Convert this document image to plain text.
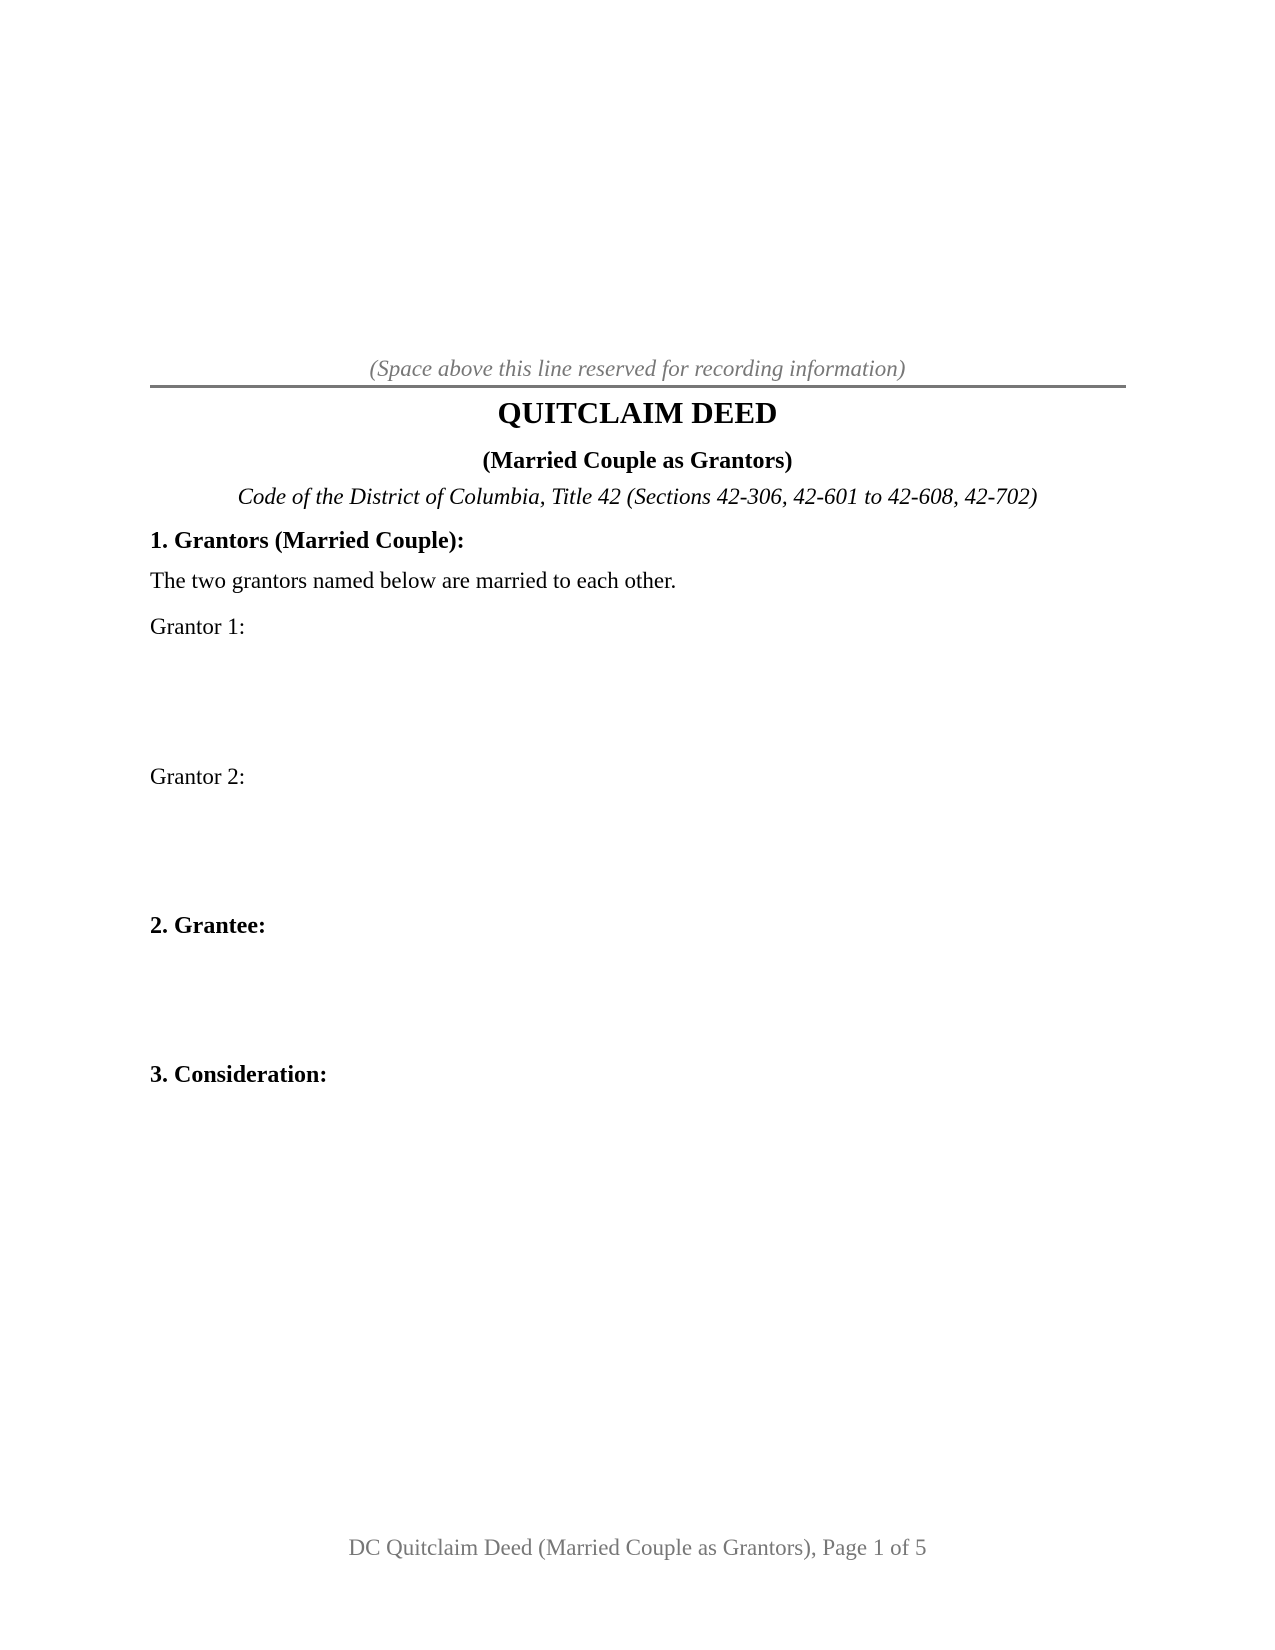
(Space above this line reserved for recording information)
QUITCLAIM DEED
(Married Couple as Grantors)
Code of the District of Columbia, Title 42 (Sections 42-306, 42-601 to 42-608, 42-702)
1. Grantors (Married Couple):
The two grantors named below are married to each other.
Grantor 1:
Grantor 2:
2. Grantee:
3. Consideration:
DC Quitclaim Deed (Married Couple as Grantors), Page 1 of 5
